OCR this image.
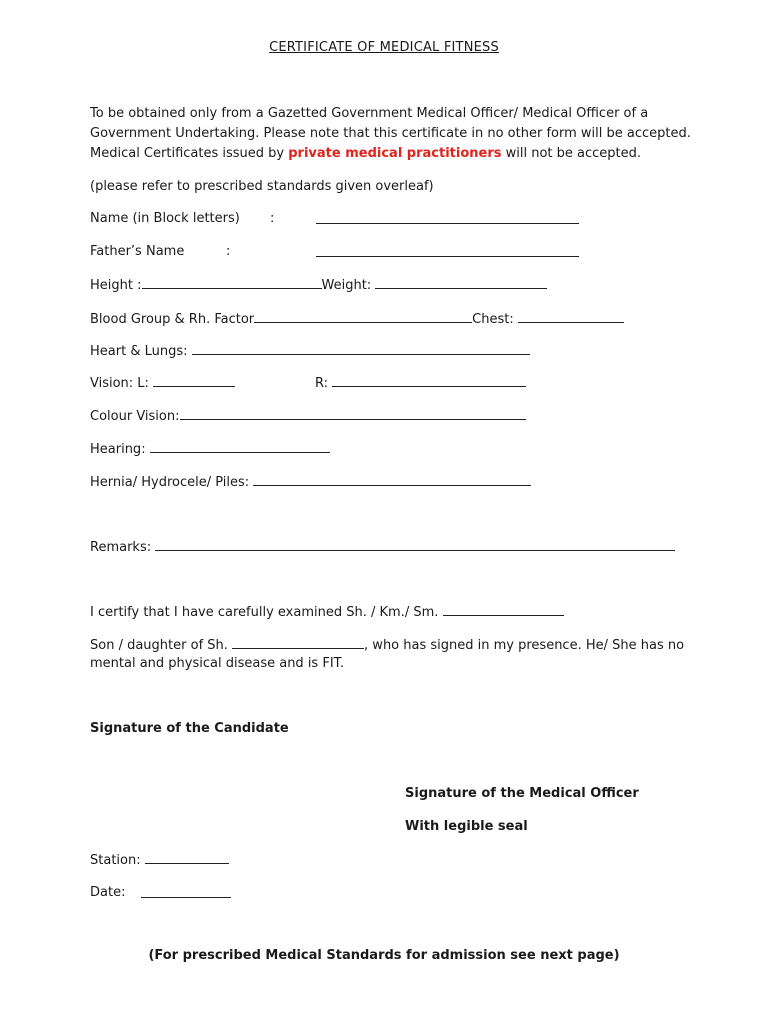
CERTIFICATE OF MEDICAL FITNESS
To be obtained only from a Gazetted Government Medical Officer/ Medical Officer of a
Government Undertaking. Please note that this certificate in no other form will be accepted.
Medical Certificates issued by private medical practitioners will not be accepted.
(please refer to prescribed standards given overleaf)
Name (in Block letters) :
Father’s Name	:
Height :	Weight:
Blood Group & Rh. Factor	Chest:
Heart & Lungs:
Vision: L:	R:
Colour Vision:
Hearing:
Hernia/ Hydrocele/ Piles:
Remarks:
I certify that I have carefully examined Sh. / Km./ Sm.
Son / daughter of Sh.	, who has signed in my presence. He/ She has no
mental and physical disease and is FIT.
Signature of the Candidate
Signature of the Medical Officer
With legible seal
Station:
Date:
(For prescribed Medical Standards for admission see next page)
